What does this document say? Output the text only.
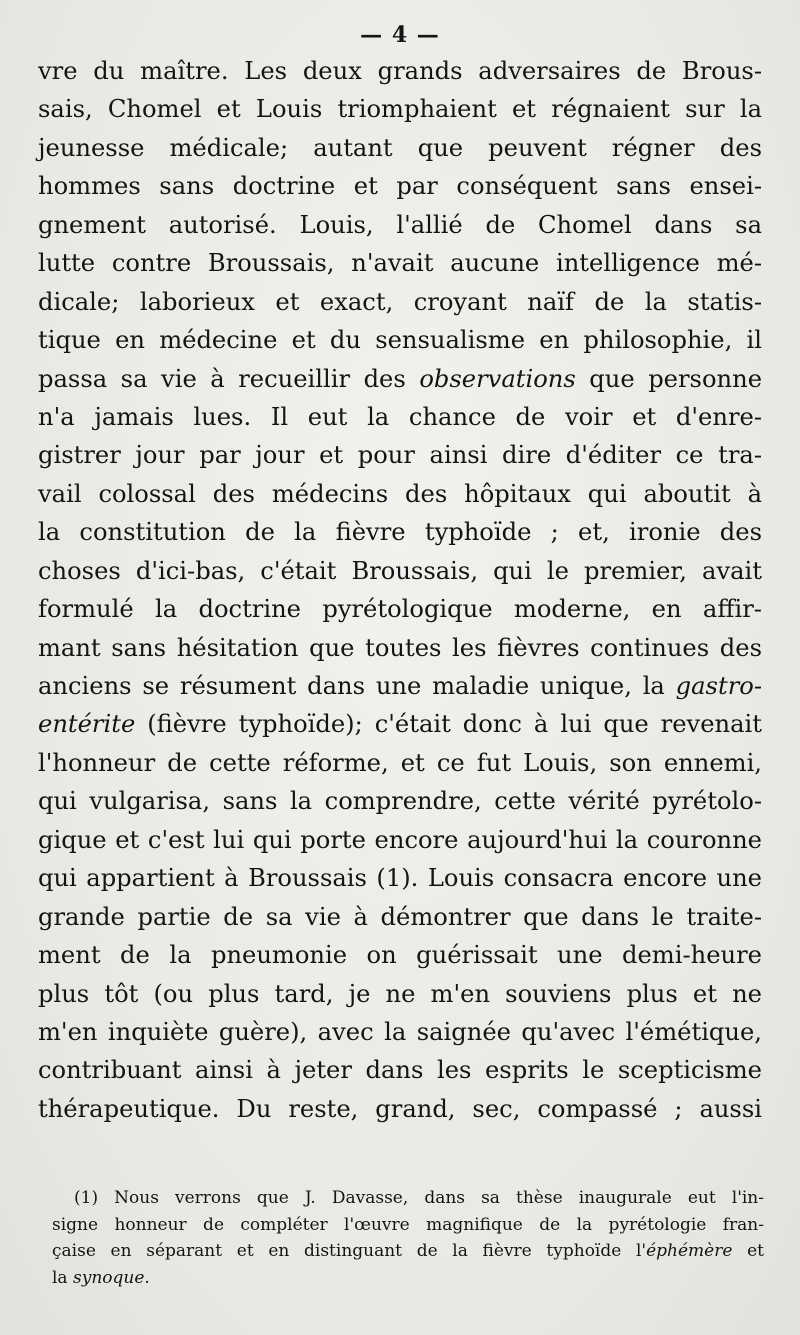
— 4 —
vre du maître. Les deux grands adversaires de Brous-
sais, Chomel et Louis triomphaient et régnaient sur la
jeunesse médicale; autant que peuvent régner des
hommes sans doctrine et par conséquent sans ensei-
gnement autorisé. Louis, l'allié de Chomel dans sa
lutte contre Broussais, n'avait aucune intelligence mé-
dicale; laborieux et exact, croyant naïf de la statis-
tique en médecine et du sensualisme en philosophie, il
passa sa vie à recueillir des observations que personne
n'a jamais lues. Il eut la chance de voir et d'enre-
gistrer jour par jour et pour ainsi dire d'éditer ce tra-
vail colossal des médecins des hôpitaux qui aboutit à
la constitution de la fièvre typhoïde ; et, ironie des
choses d'ici-bas, c'était Broussais, qui le premier, avait
formulé la doctrine pyrétologique moderne, en affir-
mant sans hésitation que toutes les fièvres continues des
anciens se résument dans une maladie unique, la gastro-
entérite (fièvre typhoïde); c'était donc à lui que revenait
l'honneur de cette réforme, et ce fut Louis, son ennemi,
qui vulgarisa, sans la comprendre, cette vérité pyrétolo-
gique et c'est lui qui porte encore aujourd'hui la couronne
qui appartient à Broussais (1). Louis consacra encore une
grande partie de sa vie à démontrer que dans le traite-
ment de la pneumonie on guérissait une demi-heure
plus tôt (ou plus tard, je ne m'en souviens plus et ne
m'en inquiète guère), avec la saignée qu'avec l'émétique,
contribuant ainsi à jeter dans les esprits le scepticisme
thérapeutique. Du reste, grand, sec, compassé ; aussi
(1) Nous verrons que J. Davasse, dans sa thèse inaugurale eut l'in-
signe honneur de compléter l'œuvre magnifique de la pyrétologie fran-
çaise en séparant et en distinguant de la fièvre typhoïde l'éphémère et
la synoque.
